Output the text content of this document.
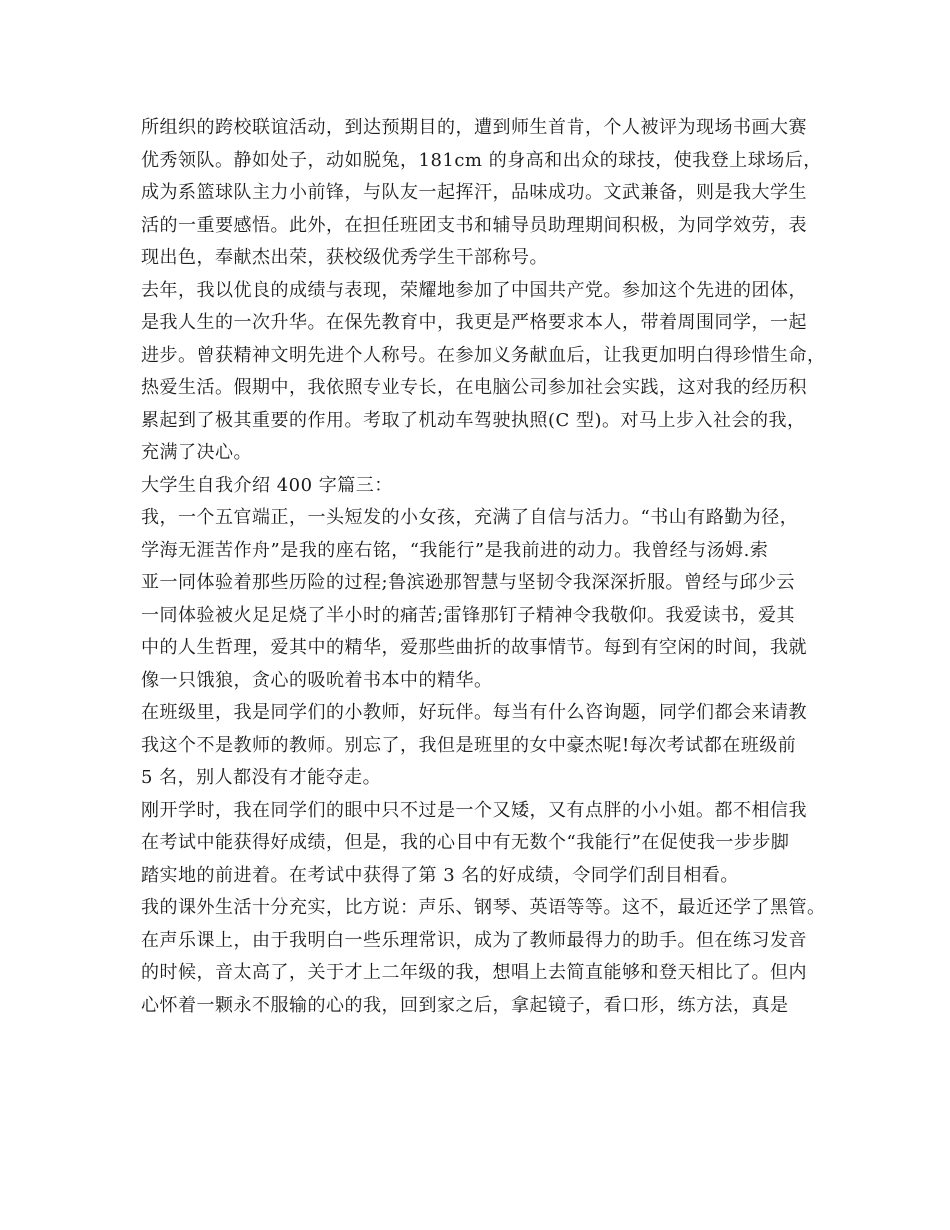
所组织的跨校联谊活动，到达预期目的，遭到师生首肯，个人被评为现场书画大赛
优秀领队。静如处子，动如脱兔，181cm 的身高和出众的球技，使我登上球场后，
成为系篮球队主力小前锋，与队友一起挥汗，品味成功。文武兼备，则是我大学生
活的一重要感悟。此外，在担任班团支书和辅导员助理期间积极，为同学效劳，表
现出色，奉献杰出荣，获校级优秀学生干部称号。
去年，我以优良的成绩与表现，荣耀地参加了中国共产党。参加这个先进的团体，
是我人生的一次升华。在保先教育中，我更是严格要求本人，带着周围同学，一起
进步。曾获精神文明先进个人称号。在参加义务献血后，让我更加明白得珍惜生命，
热爱生活。假期中，我依照专业专长，在电脑公司参加社会实践，这对我的经历积
累起到了极其重要的作用。考取了机动车驾驶执照(C 型)。对马上步入社会的我，
充满了决心。
大学生自我介绍 400 字篇三：
我，一个五官端正，一头短发的小女孩，充满了自信与活力。“书山有路勤为径，
学海无涯苦作舟”是我的座右铭，“我能行”是我前进的动力。我曾经与汤姆.索
亚一同体验着那些历险的过程;鲁滨逊那智慧与坚韧令我深深折服。曾经与邱少云
一同体验被火足足烧了半小时的痛苦;雷锋那钉子精神令我敬仰。我爱读书，爱其
中的人生哲理，爱其中的精华，爱那些曲折的故事情节。每到有空闲的时间，我就
像一只饿狼，贪心的吸吮着书本中的精华。
在班级里，我是同学们的小教师，好玩伴。每当有什么咨询题，同学们都会来请教
我这个不是教师的教师。别忘了，我但是班里的女中豪杰呢!每次考试都在班级前
5 名，别人都没有才能夺走。
刚开学时，我在同学们的眼中只不过是一个又矮，又有点胖的小小姐。都不相信我
在考试中能获得好成绩，但是，我的心目中有无数个“我能行”在促使我一步步脚
踏实地的前进着。在考试中获得了第 3 名的好成绩，令同学们刮目相看。
我的课外生活十分充实，比方说：声乐、钢琴、英语等等。这不，最近还学了黑管。
在声乐课上，由于我明白一些乐理常识，成为了教师最得力的助手。但在练习发音
的时候，音太高了，关于才上二年级的我，想唱上去简直能够和登天相比了。但内
心怀着一颗永不服输的心的我，回到家之后，拿起镜子，看口形，练方法，真是
